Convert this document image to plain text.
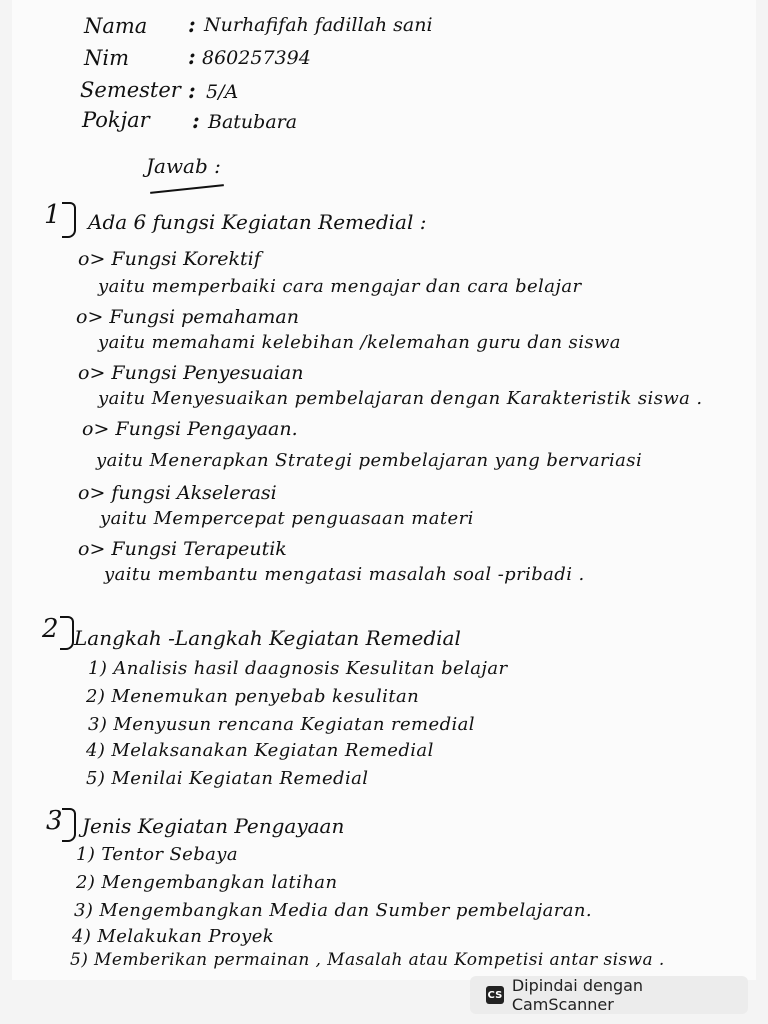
Nama : Nurhafifah fadillah sani
Nim	: 860257394
Semester : 5/A
Pokjar : Batubara
Jawab :
1 Ada 6 fungsi Kegiatan Remedial :
o> Fungsi Korektif
yaitu memperbaiki cara mengajar dan cara belajar
o> Fungsi pemahaman
yaitu memahami kelebihan /kelemahan guru dan siswa
o> Fungsi Penyesuaian
yaitu Menyesuaikan pembelajaran dengan Karakteristik siswa .
o> Fungsi Pengayaan.
yaitu Menerapkan Strategi pembelajaran yang bervariasi
o> fungsi Akselerasi
yaitu Mempercepat penguasaan materi
o> Fungsi Terapeutik
yaitu membantu mengatasi masalah soal -pribadi .
2 Langkah -Langkah Kegiatan Remedial
1) Analisis hasil daagnosis Kesulitan belajar
2) Menemukan penyebab kesulitan
3) Menyusun rencana Kegiatan remedial
4) Melaksanakan Kegiatan Remedial
5) Menilai Kegiatan Remedial
3 Jenis Kegiatan Pengayaan
1) Tentor Sebaya
2) Mengembangkan latihan
3) Mengembangkan Media dan Sumber pembelajaran.
4) Melakukan Proyek
5) Memberikan permainan , Masalah atau Kompetisi antar siswa .
CS Dipindai dengan CamScanner
